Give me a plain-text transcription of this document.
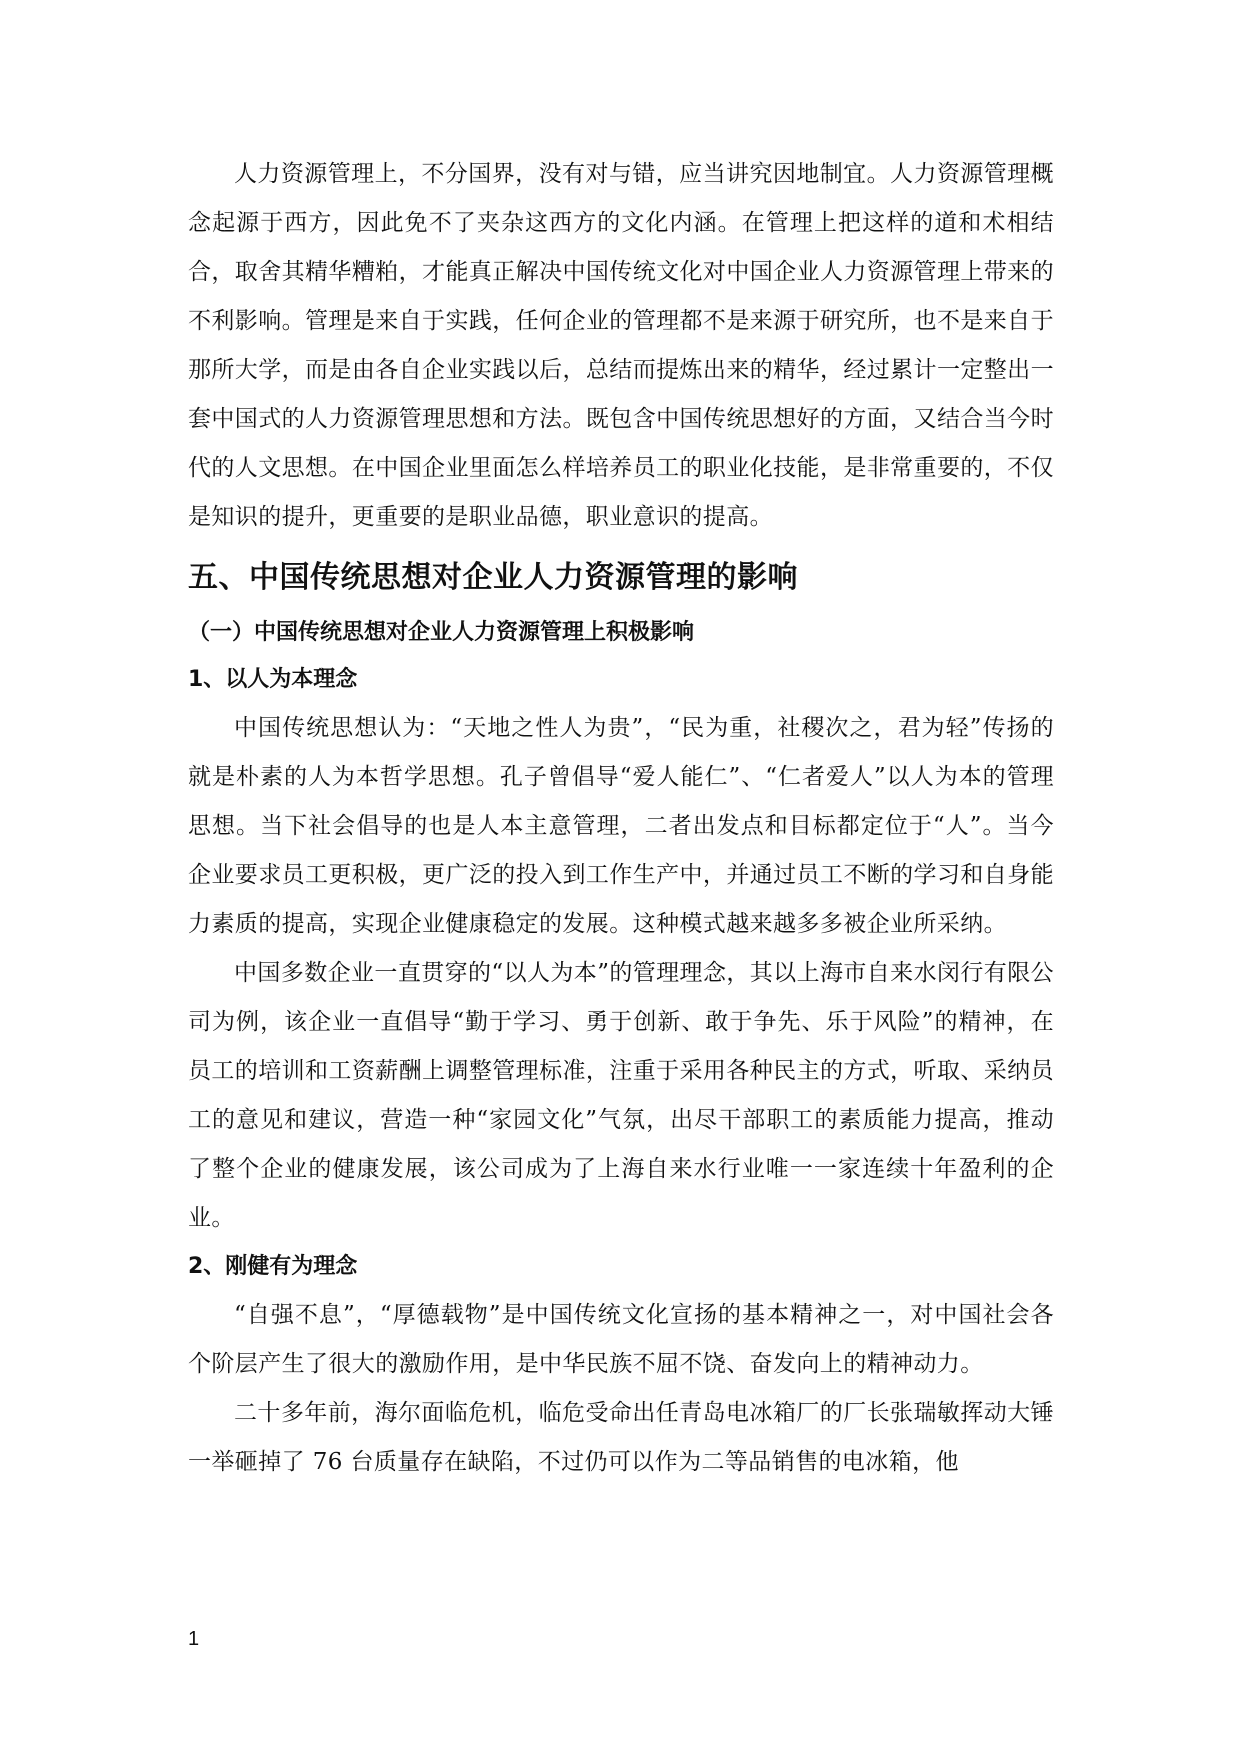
人力资源管理上，不分国界，没有对与错，应当讲究因地制宜。人力资源管理概念起源于西方，因此免不了夹杂这西方的文化内涵。在管理上把这样的道和术相结合，取舍其精华糟粕，才能真正解决中国传统文化对中国企业人力资源管理上带来的不利影响。管理是来自于实践，任何企业的管理都不是来源于研究所，也不是来自于那所大学，而是由各自企业实践以后，总结而提炼出来的精华，经过累计一定整出一套中国式的人力资源管理思想和方法。既包含中国传统思想好的方面，又结合当今时代的人文思想。在中国企业里面怎么样培养员工的职业化技能，是非常重要的，不仅是知识的提升，更重要的是职业品德，职业意识的提高。

五、中国传统思想对企业人力资源管理的影响
（一）中国传统思想对企业人力资源管理上积极影响
1、以人为本理念

中国传统思想认为：“天地之性人为贵”，“民为重，社稷次之，君为轻”传扬的就是朴素的人为本哲学思想。孔子曾倡导“爱人能仁”、“仁者爱人”以人为本的管理思想。当下社会倡导的也是人本主意管理，二者出发点和目标都定位于“人”。当今企业要求员工更积极，更广泛的投入到工作生产中，并通过员工不断的学习和自身能力素质的提高，实现企业健康稳定的发展。这种模式越来越多多被企业所采纳。

中国多数企业一直贯穿的“以人为本”的管理理念，其以上海市自来水闵行有限公司为例，该企业一直倡导“勤于学习、勇于创新、敢于争先、乐于风险”的精神，在员工的培训和工资薪酬上调整管理标准，注重于采用各种民主的方式，听取、采纳员工的意见和建议，营造一种“家园文化”气氛，出尽干部职工的素质能力提高，推动了整个企业的健康发展，该公司成为了上海自来水行业唯一一家连续十年盈利的企业。

2、刚健有为理念

“自强不息”，“厚德载物”是中国传统文化宣扬的基本精神之一，对中国社会各个阶层产生了很大的激励作用，是中华民族不屈不饶、奋发向上的精神动力。

二十多年前，海尔面临危机，临危受命出任青岛电冰箱厂的厂长张瑞敏挥动大锤一举砸掉了 76 台质量存在缺陷，不过仍可以作为二等品销售的电冰箱，他

1
